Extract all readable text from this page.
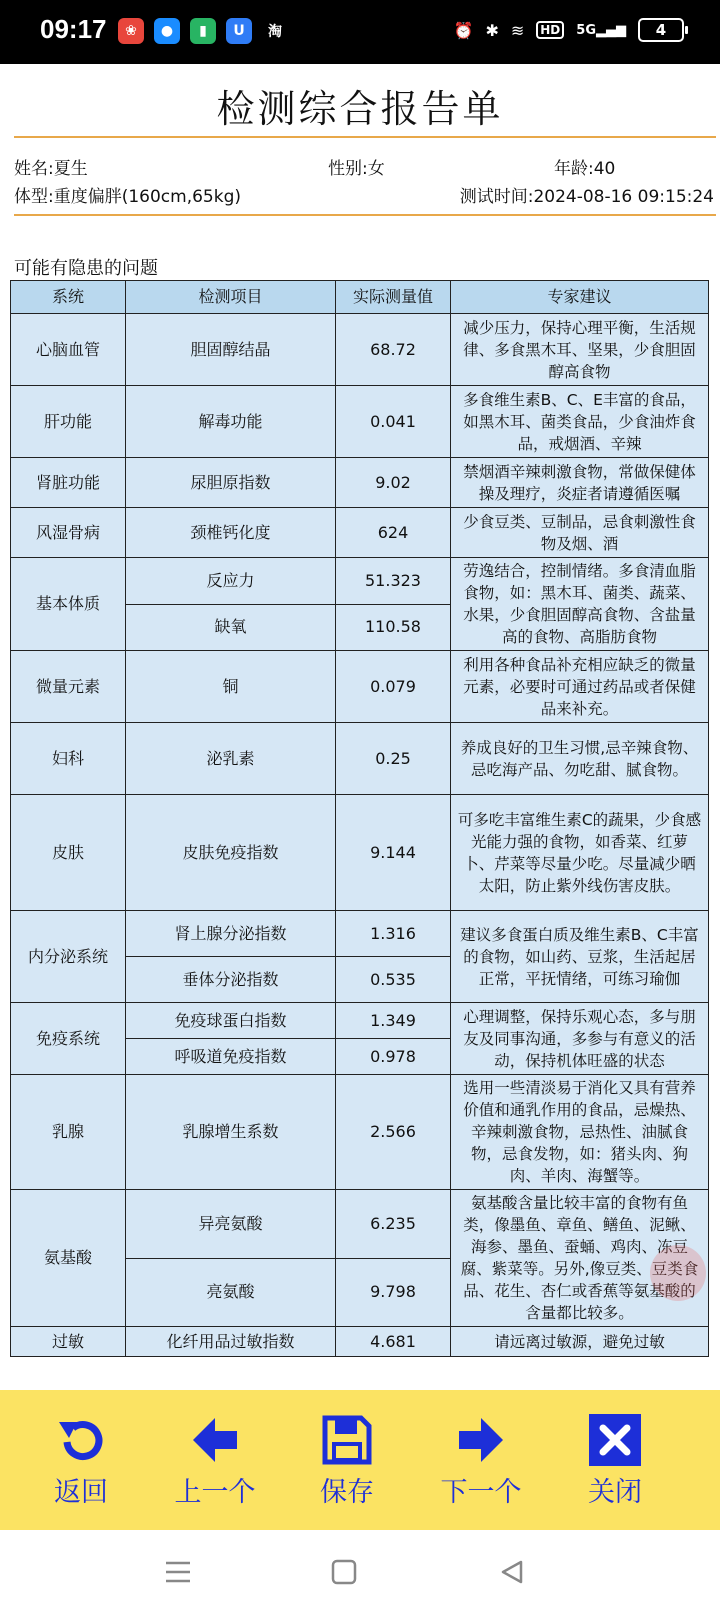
09:17	❀	●	▮	U	淘	⏰ ✱ ≋	HD	5G▂▄▆ 4
检测综合报告单
姓名:夏生	性别:女	年龄:40
体型:重度偏胖(160cm,65kg)	测试时间:2024-08-16 09:15:24
可能有隐患的问题
系统	检测项目	实际测量值	专家建议
心脑血管	胆固醇结晶	68.72	减少压力，保持心理平衡，生活规律、多食黑木耳、坚果，少食胆固醇高食物
肝功能	解毒功能	0.041	多食维生素B、C、E丰富的食品，如黑木耳、菌类食品，少食油炸食品，戒烟酒、辛辣
肾脏功能	尿胆原指数	9.02	禁烟酒辛辣刺激食物，常做保健体操及理疗，炎症者请遵循医嘱
风湿骨病	颈椎钙化度	624	少食豆类、豆制品，忌食刺激性食物及烟、酒
基本体质	反应力	51.323	劳逸结合，控制情绪。多食清血脂食物，如：黑木耳、菌类、蔬菜、水果，少食胆固醇高食物、含盐量高的食物、高脂肪食物
	缺氧	110.58	
微量元素	铜	0.079	利用各种食品补充相应缺乏的微量元素，必要时可通过药品或者保健品来补充。
妇科	泌乳素	0.25	养成良好的卫生习惯,忌辛辣食物、忌吃海产品、勿吃甜、腻食物。
皮肤	皮肤免疫指数	9.144	可多吃丰富维生素C的蔬果，少食感光能力强的食物，如香菜、红萝卜、芹菜等尽量少吃。尽量减少晒太阳，防止紫外线伤害皮肤。
内分泌系统	肾上腺分泌指数	1.316	建议多食蛋白质及维生素B、C丰富的食物，如山药、豆浆，生活起居正常，平抚情绪，可练习瑜伽
	垂体分泌指数	0.535	
免疫系统	免疫球蛋白指数	1.349	心理调整，保持乐观心态，多与朋友及同事沟通，多参与有意义的活动，保持机体旺盛的状态
	呼吸道免疫指数	0.978	
乳腺	乳腺增生系数	2.566	选用一些清淡易于消化又具有营养价值和通乳作用的食品，忌燥热、辛辣刺激食物，忌热性、油腻食物，忌食发物，如：猪头肉、狗肉、羊肉、海蟹等。
氨基酸	异亮氨酸	6.235	氨基酸含量比较丰富的食物有鱼类，像墨鱼、章鱼、鳝鱼、泥鳅、海参、墨鱼、蚕蛹、鸡肉、冻豆腐、紫菜等。另外,像豆类、豆类食品、花生、杏仁或香蕉等氨基酸的含量都比较多。
	亮氨酸	9.798	
过敏	化纤用品过敏指数	4.681	请远离过敏源，避免过敏
返回 上一个 保存 下一个 关闭
